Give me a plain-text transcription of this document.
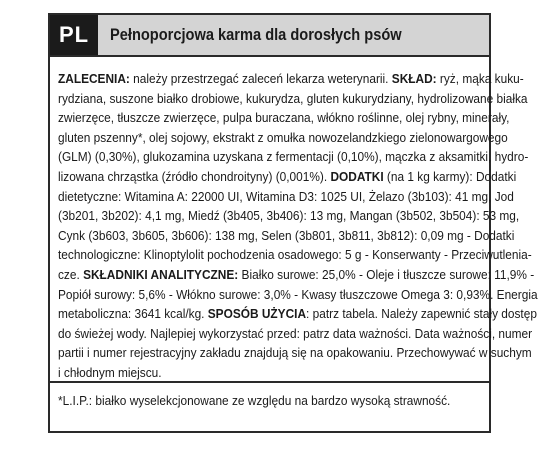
PL	Pełnoporcjowa karma dla dorosłych psów
ZALECENIA: należy przestrzegać zaleceń lekarza weterynarii. SKŁAD: ryż, mąka kuku-
rydziana, suszone białko drobiowe, kukurydza, gluten kukurydziany, hydrolizowane białka
zwierzęce, tłuszcze zwierzęce, pulpa buraczana, włókno roślinne, olej rybny, minerały,
gluten pszenny*, olej sojowy, ekstrakt z omułka nowozelandzkiego zielonowargowego
(GLM) (0,30%), glukozamina uzyskana z fermentacji (0,10%), mączka z aksamitki, hydro-
lizowana chrząstka (źródło chondroityny) (0,001%). DODATKI (na 1 kg karmy): Dodatki
dietetyczne: Witamina A: 22000 UI, Witamina D3: 1025 UI, Żelazo (3b103): 41 mg, Jod
(3b201, 3b202): 4,1 mg, Miedź (3b405, 3b406): 13 mg, Mangan (3b502, 3b504): 53 mg,
Cynk (3b603, 3b605, 3b606): 138 mg, Selen (3b801, 3b811, 3b812): 0,09 mg - Dodatki
technologiczne: Klinoptylolit pochodzenia osadowego: 5 g - Konserwanty - Przeciwutlenia-
cze. SKŁADNIKI ANALITYCZNE: Białko surowe: 25,0% - Oleje i tłuszcze surowe: 11,9% -
Popiół surowy: 5,6% - Włókno surowe: 3,0% - Kwasy tłuszczowe Omega 3: 0,93%. Energia
metaboliczna: 3641 kcal/kg. SPOSÓB UŻYCIA: patrz tabela. Należy zapewnić stały dostęp
do świeżej wody. Najlepiej wykorzystać przed: patrz data ważności. Data ważności, numer
partii i numer rejestracyjny zakładu znajdują się na opakowaniu. Przechowywać w suchym
i chłodnym miejscu.
*L.I.P.: białko wyselekcjonowane ze względu na bardzo wysoką strawność.
